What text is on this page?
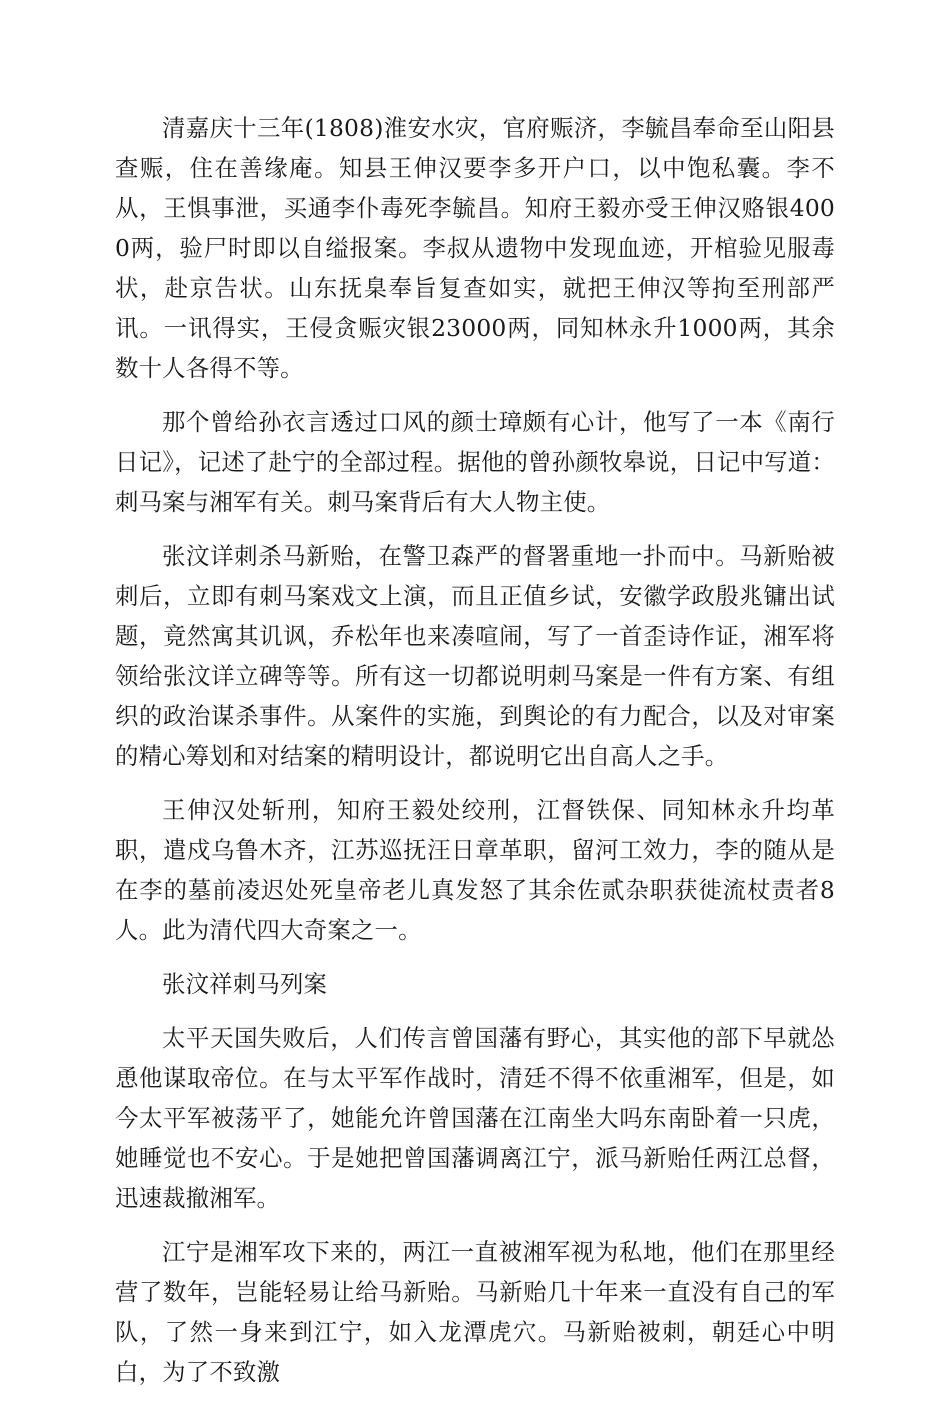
清嘉庆十三年(1808)淮安水灾，官府赈济，李毓昌奉命至山阳县查赈，住在善缘庵。知县王伸汉要李多开户口，以中饱私囊。李不从，王惧事泄，买通李仆毒死李毓昌。知府王毅亦受王伸汉赂银4000两，验尸时即以自缢报案。李叔从遗物中发现血迹，开棺验见服毒状，赴京告状。山东抚臬奉旨复查如实，就把王伸汉等拘至刑部严讯。一讯得实，王侵贪赈灾银23000两，同知林永升1000两，其余数十人各得不等。

那个曾给孙衣言透过口风的颜士璋颇有心计，他写了一本《南行日记》，记述了赴宁的全部过程。据他的曾孙颜牧皋说，日记中写道：刺马案与湘军有关。刺马案背后有大人物主使。

张汶详刺杀马新贻，在警卫森严的督署重地一扑而中。马新贻被刺后，立即有刺马案戏文上演，而且正值乡试，安徽学政殷兆镛出试题，竟然寓其讥讽，乔松年也来凑喧闹，写了一首歪诗作证，湘军将领给张汶详立碑等等。所有这一切都说明刺马案是一件有方案、有组织的政治谋杀事件。从案件的实施，到舆论的有力配合，以及对审案的精心筹划和对结案的精明设计，都说明它出自高人之手。

王伸汉处斩刑，知府王毅处绞刑，江督铁保、同知林永升均革职，遣戍乌鲁木齐，江苏巡抚汪日章革职，留河工效力，李的随从是在李的墓前凌迟处死皇帝老儿真发怒了其余佐贰杂职获徙流杖责者8人。此为清代四大奇案之一。

张汶祥刺马列案

太平天国失败后，人们传言曾国藩有野心，其实他的部下早就怂恿他谋取帝位。在与太平军作战时，清廷不得不依重湘军，但是，如今太平军被荡平了，她能允许曾国藩在江南坐大吗东南卧着一只虎，她睡觉也不安心。于是她把曾国藩调离江宁，派马新贻任两江总督，迅速裁撤湘军。

江宁是湘军攻下来的，两江一直被湘军视为私地，他们在那里经营了数年，岂能轻易让给马新贻。马新贻几十年来一直没有自己的军队，了然一身来到江宁，如入龙潭虎穴。马新贻被刺，朝廷心中明白，为了不致激
